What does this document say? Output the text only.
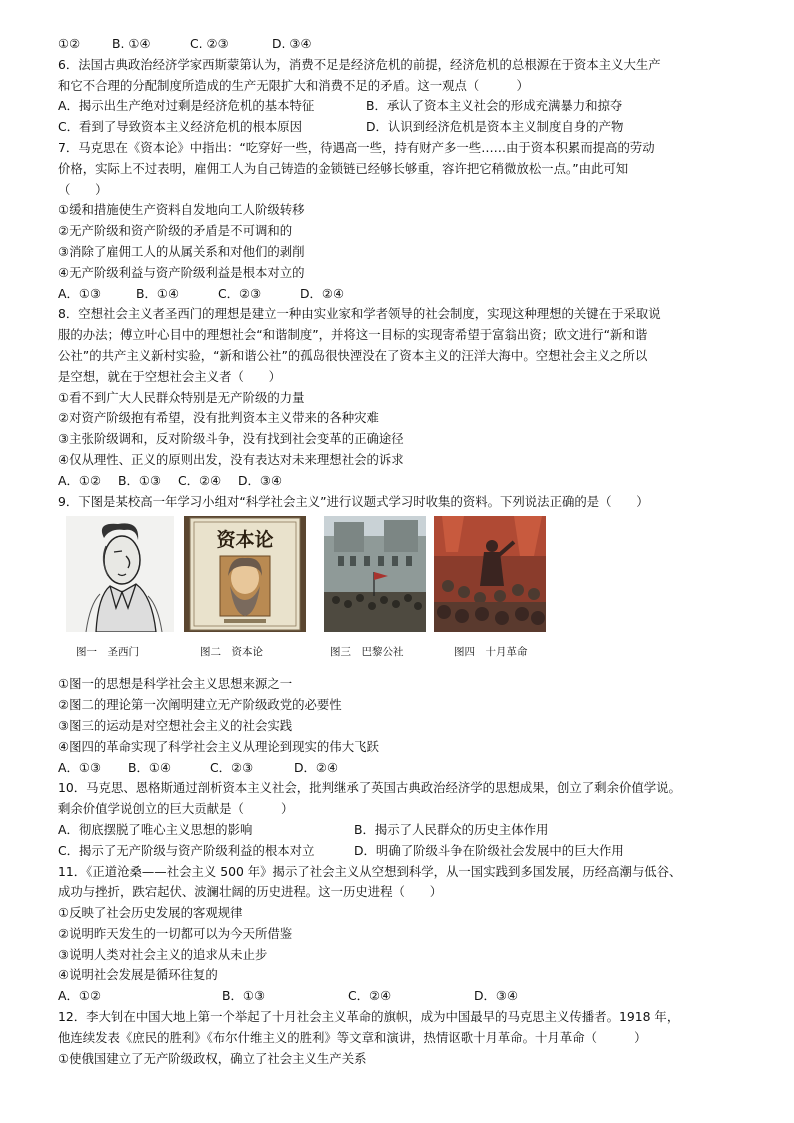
①②	B. ①④	C. ②③	D. ③④
6．法国古典政治经济学家西斯蒙第认为，消费不足是经济危机的前提，经济危机的总根源在于资本主义大生产
和它不合理的分配制度所造成的生产无限扩大和消费不足的矛盾。这一观点（　　　）
A．揭示出生产绝对过剩是经济危机的基本特征	B．承认了资本主义社会的形成充满暴力和掠夺
C．看到了导致资本主义经济危机的根本原因	D．认识到经济危机是资本主义制度自身的产物
7．马克思在《资本论》中指出：“吃穿好一些，待遇高一些，持有财产多一些……由于资本积累而提高的劳动
价格，实际上不过表明，雇佣工人为自己铸造的金锁链已经够长够重，容许把它稍微放松一点。”由此可知
（　　）
①缓和措施使生产资料自发地向工人阶级转移
②无产阶级和资产阶级的矛盾是不可调和的
③消除了雇佣工人的从属关系和对他们的剥削
④无产阶级利益与资产阶级利益是根本对立的
A．①③	B．①④	C．②③	D．②④
8．空想社会主义者圣西门的理想是建立一种由实业家和学者领导的社会制度，实现这种理想的关键在于采取说
服的办法；傅立叶心目中的理想社会“和谐制度”，并将这一目标的实现寄希望于富翁出资；欧文进行“新和谐
公社”的共产主义新村实验，“新和谐公社”的孤岛很快湮没在了资本主义的汪洋大海中。空想社会主义之所以
是空想，就在于空想社会主义者（　　）
①看不到广大人民群众特别是无产阶级的力量
②对资产阶级抱有希望，没有批判资本主义带来的各种灾难
③主张阶级调和，反对阶级斗争，没有找到社会变革的正确途径
④仅从理性、正义的原则出发，没有表达对未来理想社会的诉求
A．①②	B．①③	C．②④	D．③④
9．下图是某校高一年学习小组对“科学社会主义”进行议题式学习时收集的资料。下列说法正确的是（　　）
图一　圣西门
资本论
图二　资本论	图三　巴黎公社	图四　十月革命
①图一的思想是科学社会主义思想来源之一
②图二的理论第一次阐明建立无产阶级政党的必要性
③图三的运动是对空想社会主义的社会实践
④图四的革命实现了科学社会主义从理论到现实的伟大飞跃
A．①③	B．①④	C．②③	D．②④
10．马克思、恩格斯通过剖析资本主义社会，批判继承了英国古典政治经济学的思想成果，创立了剩余价值学说。
剩余价值学说创立的巨大贡献是（　　　）
A．彻底摆脱了唯心主义思想的影响	B．揭示了人民群众的历史主体作用
C．揭示了无产阶级与资产阶级利益的根本对立	D．明确了阶级斗争在阶级社会发展中的巨大作用
11．《正道沧桑——社会主义 500 年》揭示了社会主义从空想到科学，从一国实践到多国发展，历经高潮与低谷、
成功与挫折，跌宕起伏、波澜壮阔的历史进程。这一历史进程（　　）
①反映了社会历史发展的客观规律
②说明昨天发生的一切都可以为今天所借鉴
③说明人类对社会主义的追求从未止步
④说明社会发展是循环往复的
A．①②	B．①③	C．②④	D．③④
12．李大钊在中国大地上第一个举起了十月社会主义革命的旗帜，成为中国最早的马克思主义传播者。1918 年，
他连续发表《庶民的胜利》《布尔什维主义的胜利》等文章和演讲，热情讴歌十月革命。十月革命（　　　）
①使俄国建立了无产阶级政权，确立了社会主义生产关系
